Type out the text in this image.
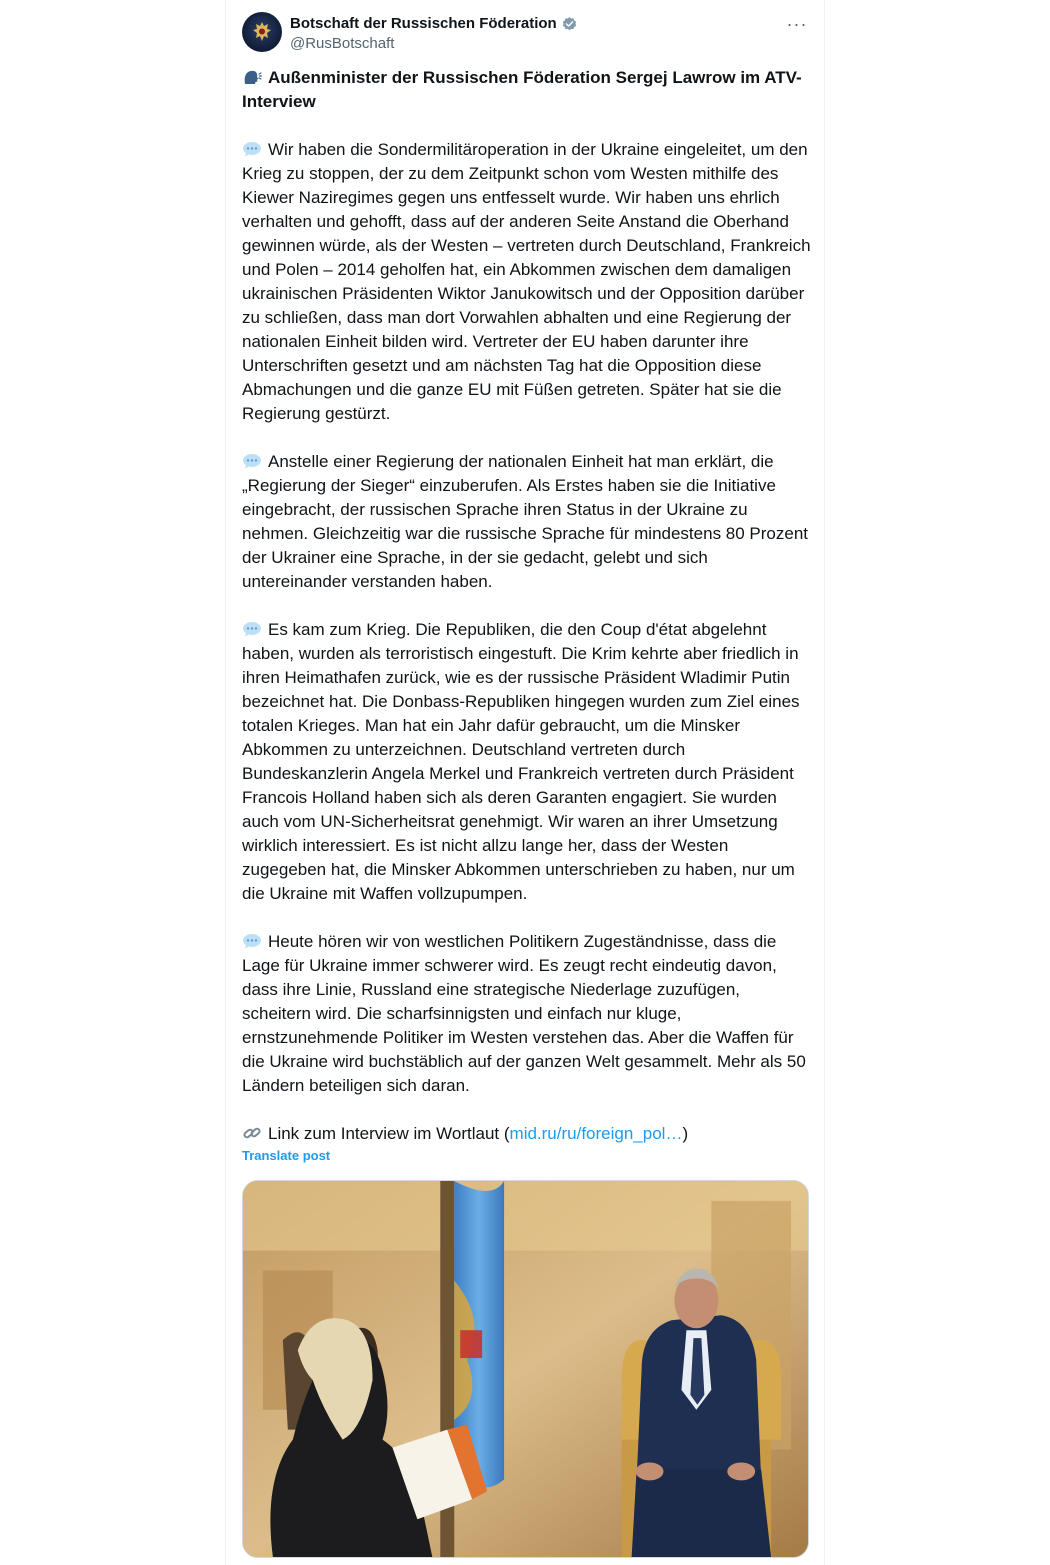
Botschaft der Russischen Föderation
@RusBotschaft
···
Außenminister der Russischen Föderation Sergej Lawrow im ATV-Interview
Wir haben die Sondermilitäroperation in der Ukraine eingeleitet, um den Krieg zu stoppen, der zu dem Zeitpunkt schon vom Westen mithilfe des Kiewer Naziregimes gegen uns entfesselt wurde. Wir haben uns ehrlich verhalten und gehofft, dass auf der anderen Seite Anstand die Oberhand gewinnen würde, als der Westen – vertreten durch Deutschland, Frankreich und Polen – 2014 geholfen hat, ein Abkommen zwischen dem damaligen ukrainischen Präsidenten Wiktor Janukowitsch und der Opposition darüber zu schließen, dass man dort Vorwahlen abhalten und eine Regierung der nationalen Einheit bilden wird. Vertreter der EU haben darunter ihre Unterschriften gesetzt und am nächsten Tag hat die Opposition diese Abmachungen und die ganze EU mit Füßen getreten. Später hat sie die Regierung gestürzt.
Anstelle einer Regierung der nationalen Einheit hat man erklärt, die „Regierung der Sieger“ einzuberufen. Als Erstes haben sie die Initiative eingebracht, der russischen Sprache ihren Status in der Ukraine zu nehmen. Gleichzeitig war die russische Sprache für mindestens 80 Prozent der Ukrainer eine Sprache, in der sie gedacht, gelebt und sich untereinander verstanden haben.
Es kam zum Krieg. Die Republiken, die den Coup d'état abgelehnt haben, wurden als terroristisch eingestuft. Die Krim kehrte aber friedlich in ihren Heimathafen zurück, wie es der russische Präsident Wladimir Putin bezeichnet hat. Die Donbass-Republiken hingegen wurden zum Ziel eines totalen Krieges. Man hat ein Jahr dafür gebraucht, um die Minsker Abkommen zu unterzeichnen. Deutschland vertreten durch Bundeskanzlerin Angela Merkel und Frankreich vertreten durch Präsident Francois Holland haben sich als deren Garanten engagiert. Sie wurden auch vom UN-Sicherheitsrat genehmigt. Wir waren an ihrer Umsetzung wirklich interessiert. Es ist nicht allzu lange her, dass der Westen zugegeben hat, die Minsker Abkommen unterschrieben zu haben, nur um die Ukraine mit Waffen vollzupumpen.
Heute hören wir von westlichen Politikern Zugeständnisse, dass die Lage für Ukraine immer schwerer wird. Es zeugt recht eindeutig davon, dass ihre Linie, Russland eine strategische Niederlage zuzufügen, scheitern wird. Die scharfsinnigsten und einfach nur kluge, ernstzunehmende Politiker im Westen verstehen das. Aber die Waffen für die Ukraine wird buchstäblich auf der ganzen Welt gesammelt. Mehr als 50 Ländern beteiligen sich daran.
Link zum Interview im Wortlaut (mid.ru/ru/foreign_pol…)
Translate post
